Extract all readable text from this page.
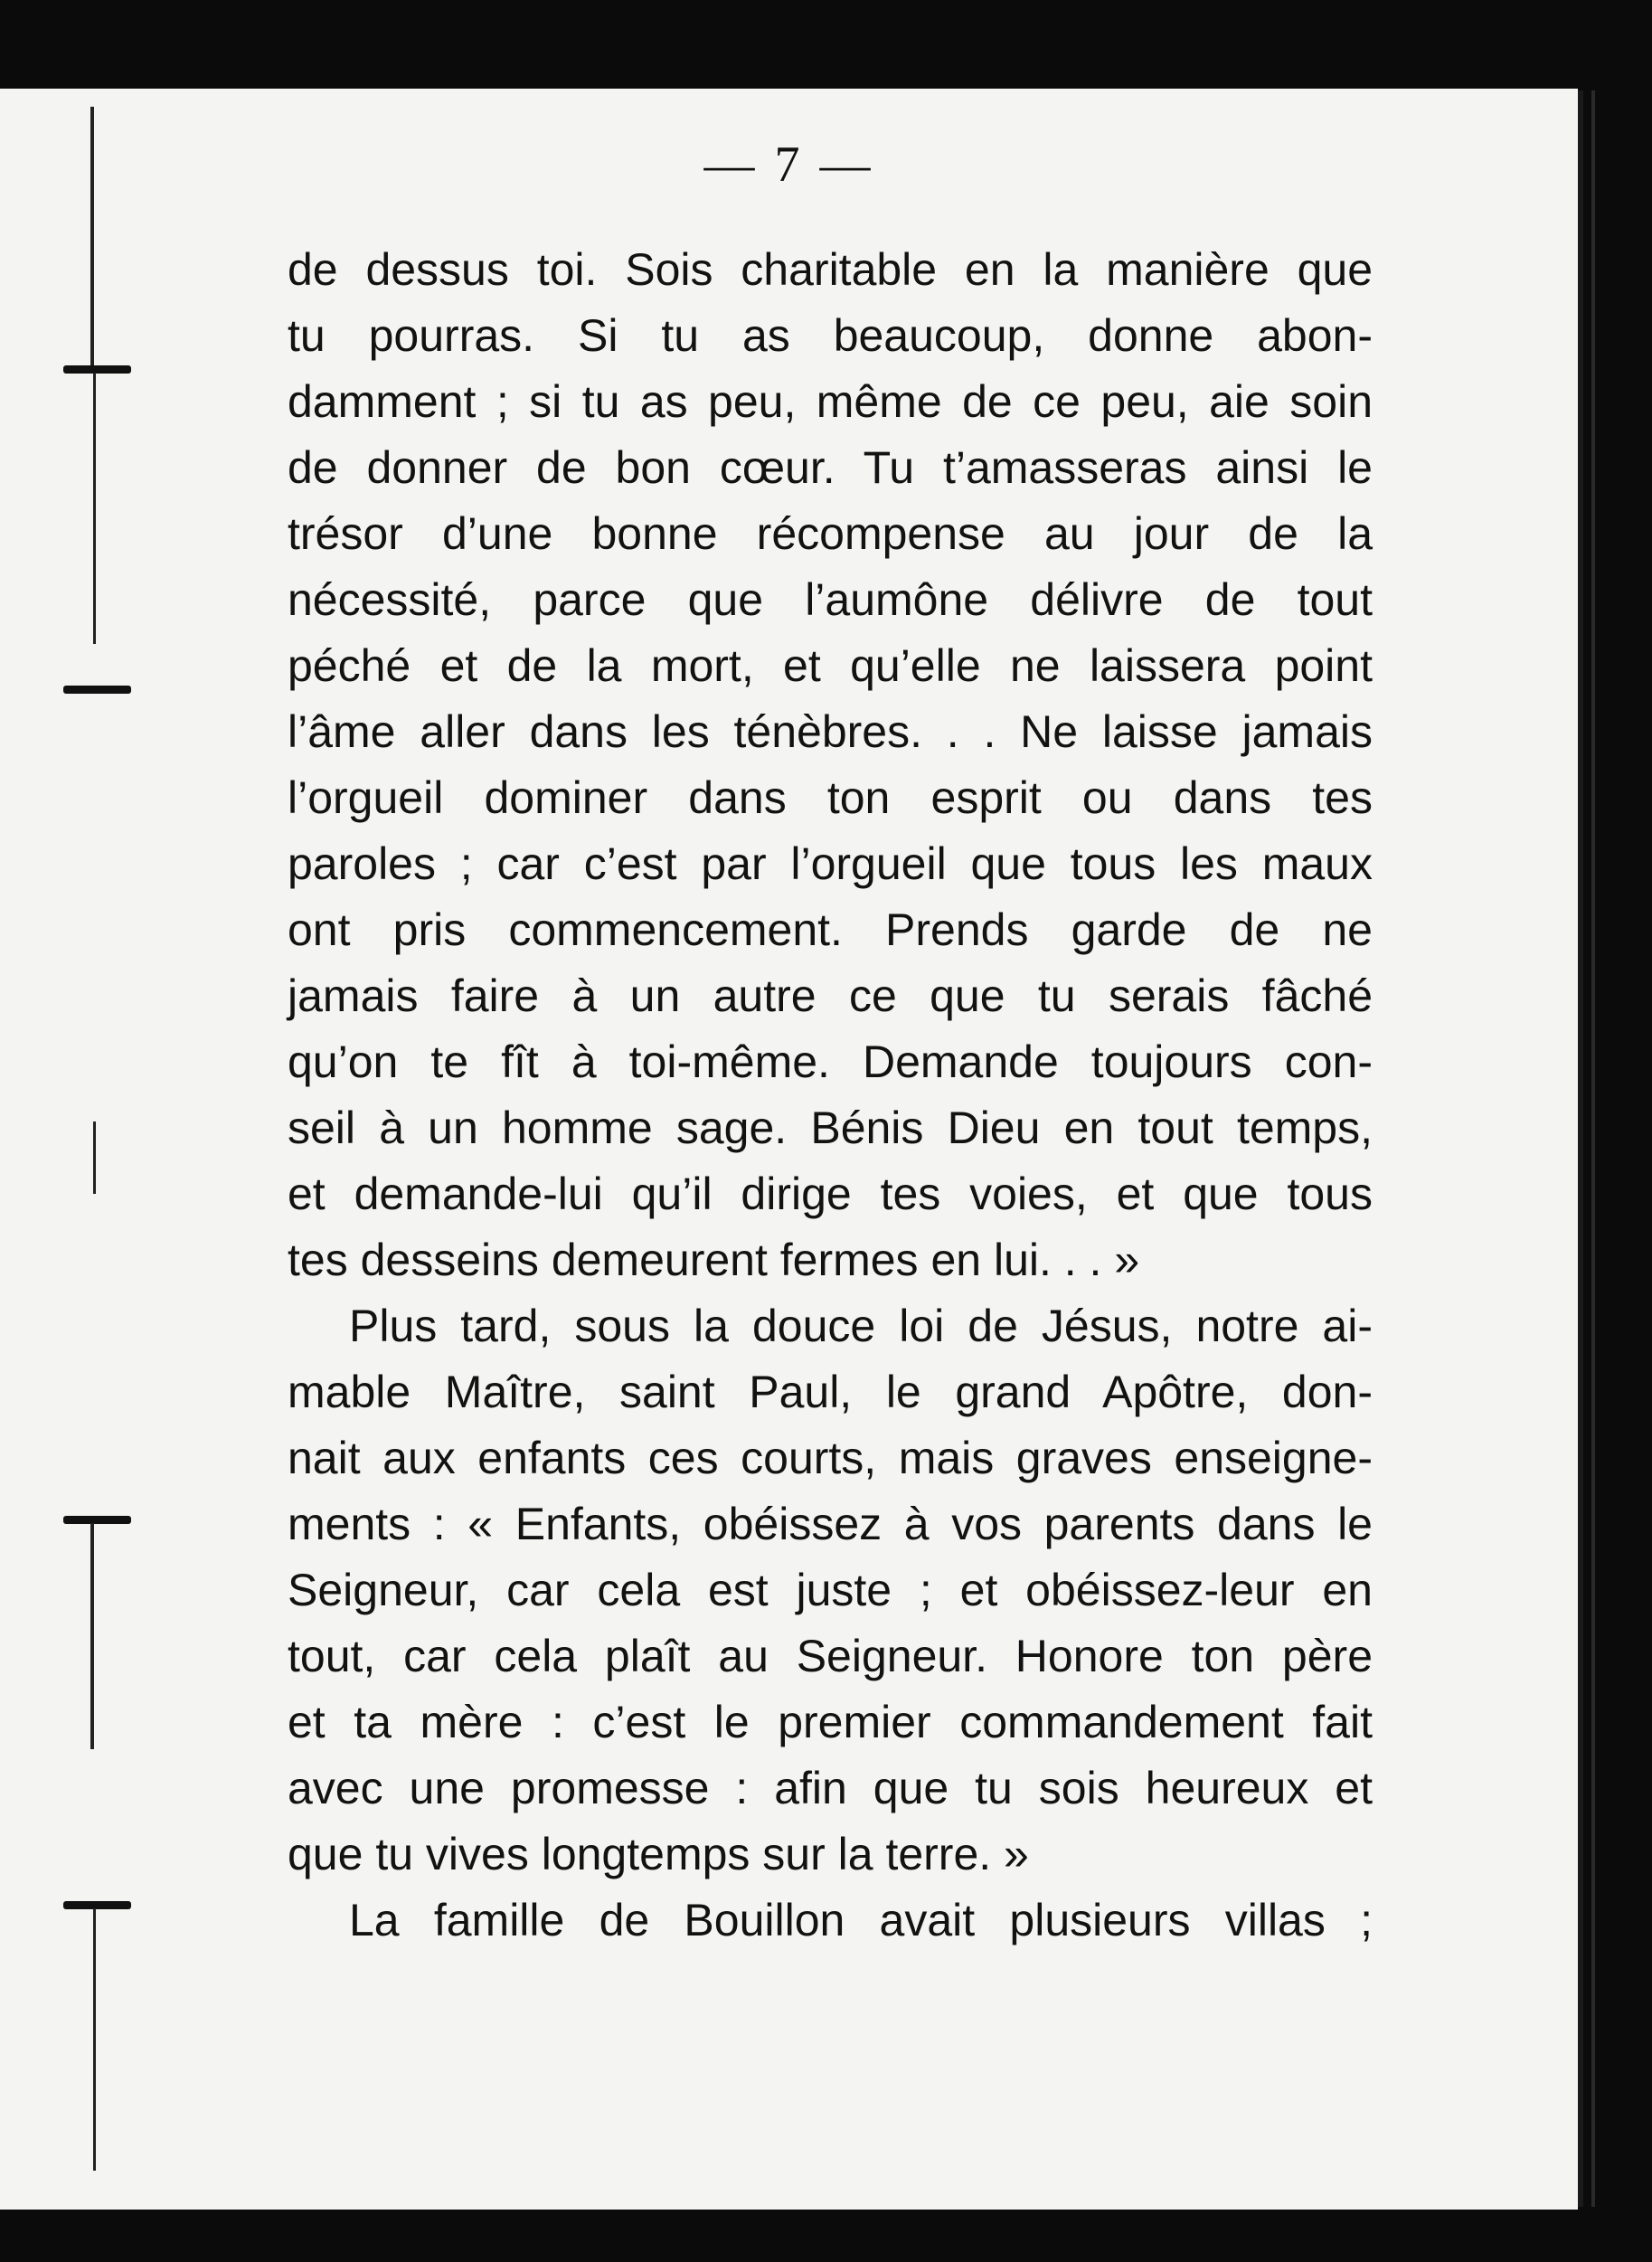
— 7 —

de dessus toi. Sois charitable en la manière que
tu pourras. Si tu as beaucoup, donne abon-
damment ; si tu as peu, même de ce peu, aie soin
de donner de bon cœur. Tu t’amasseras ainsi le
trésor d’une bonne récompense au jour de la
nécessité, parce que l’aumône délivre de tout
péché et de la mort, et qu’elle ne laissera point
l’âme aller dans les ténèbres. . . Ne laisse jamais
l’orgueil dominer dans ton esprit ou dans tes
paroles ; car c’est par l’orgueil que tous les maux
ont pris commencement. Prends garde de ne
jamais faire à un autre ce que tu serais fâché
qu’on te fît à toi-même. Demande toujours con-
seil à un homme sage. Bénis Dieu en tout temps,
et demande-lui qu’il dirige tes voies, et que tous
tes desseins demeurent fermes en lui. . . »
Plus tard, sous la douce loi de Jésus, notre ai-
mable Maître, saint Paul, le grand Apôtre, don-
nait aux enfants ces courts, mais graves enseigne-
ments : « Enfants, obéissez à vos parents dans le
Seigneur, car cela est juste ; et obéissez-leur en
tout, car cela plaît au Seigneur. Honore ton père
et ta mère : c’est le premier commandement fait
avec une promesse : afin que tu sois heureux et
que tu vives longtemps sur la terre. »
La famille de Bouillon avait plusieurs villas ;
